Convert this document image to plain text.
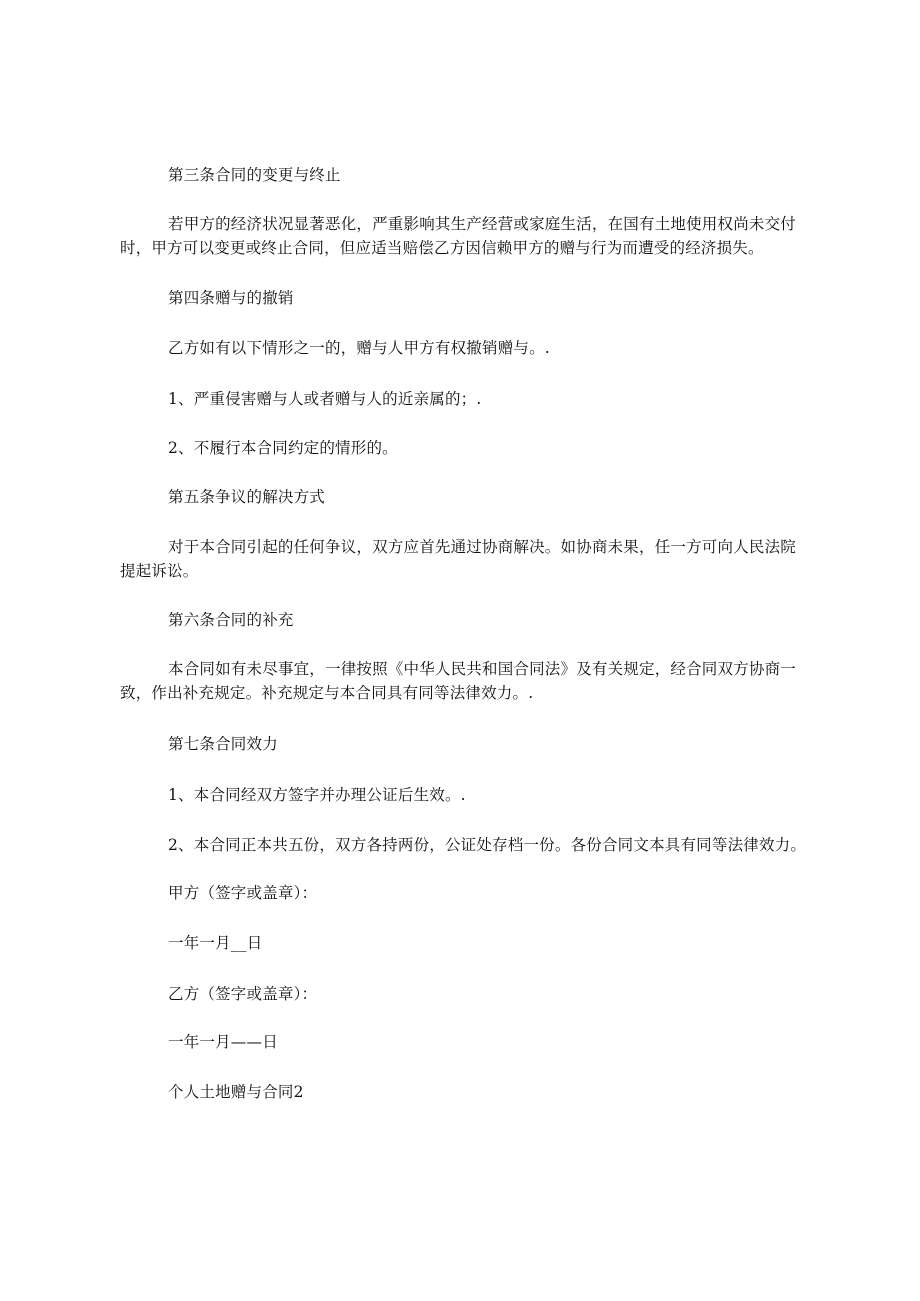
第三条合同的变更与终止

若甲方的经济状况显著恶化，严重影响其生产经营或家庭生活，在国有土地使用权尚未交付时，甲方可以变更或终止合同，但应适当赔偿乙方因信赖甲方的赠与行为而遭受的经济损失。

第四条赠与的撤销

乙方如有以下情形之一的，赠与人甲方有权撤销赠与。.

1、严重侵害赠与人或者赠与人的近亲属的；.

2、不履行本合同约定的情形的。

第五条争议的解决方式

对于本合同引起的任何争议，双方应首先通过协商解决。如协商未果，任一方可向人民法院提起诉讼。

第六条合同的补充

本合同如有未尽事宜，一律按照《中华人民共和国合同法》及有关规定，经合同双方协商一致，作出补充规定。补充规定与本合同具有同等法律效力。.

第七条合同效力

1、本合同经双方签字并办理公证后生效。.

2、本合同正本共五份，双方各持两份，公证处存档一份。各份合同文本具有同等法律效力。

甲方（签字或盖章）：

一年一月__日

乙方（签字或盖章）：

一年一月——日

个人土地赠与合同2
